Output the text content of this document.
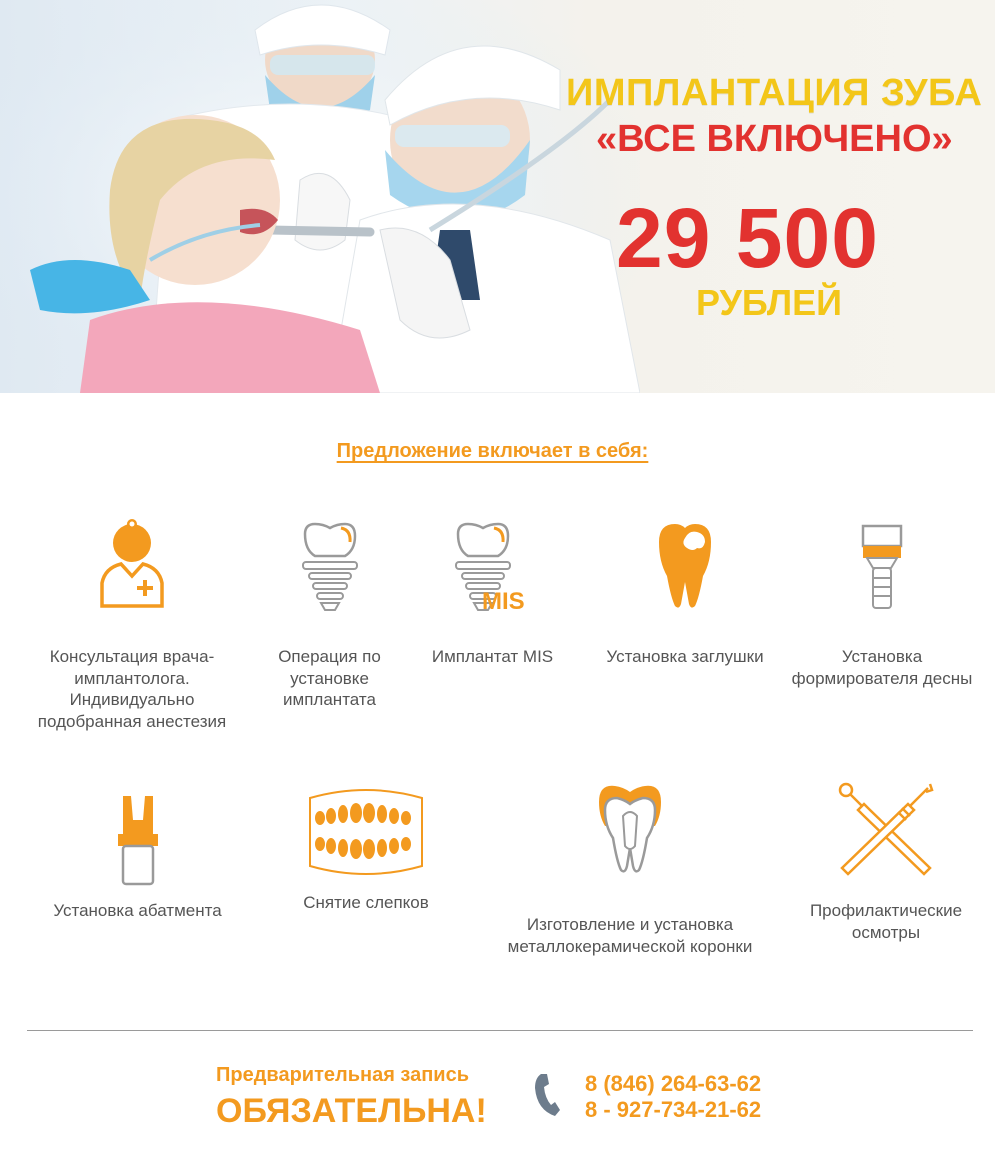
ИМПЛАНТАЦИЯ ЗУБА
«ВСЕ ВКЛЮЧЕНО»
29 500
РУБЛЕЙ
Предложение включает в себя:
Консультация врача-имплантолога. Индивидуально подобранная анестезия
Операция по установке имплантата
MIS
Имплантат MIS	Установка заглушки	Установка формирователя десны
Установка абатмента	Снятие слепков
Изготовление и установка металлокерамической коронки
Профилактические осмотры
Предварительная запись
ОБЯЗАТЕЛЬНА!
8 (846) 264-63-62
8 - 927-734-21-62
